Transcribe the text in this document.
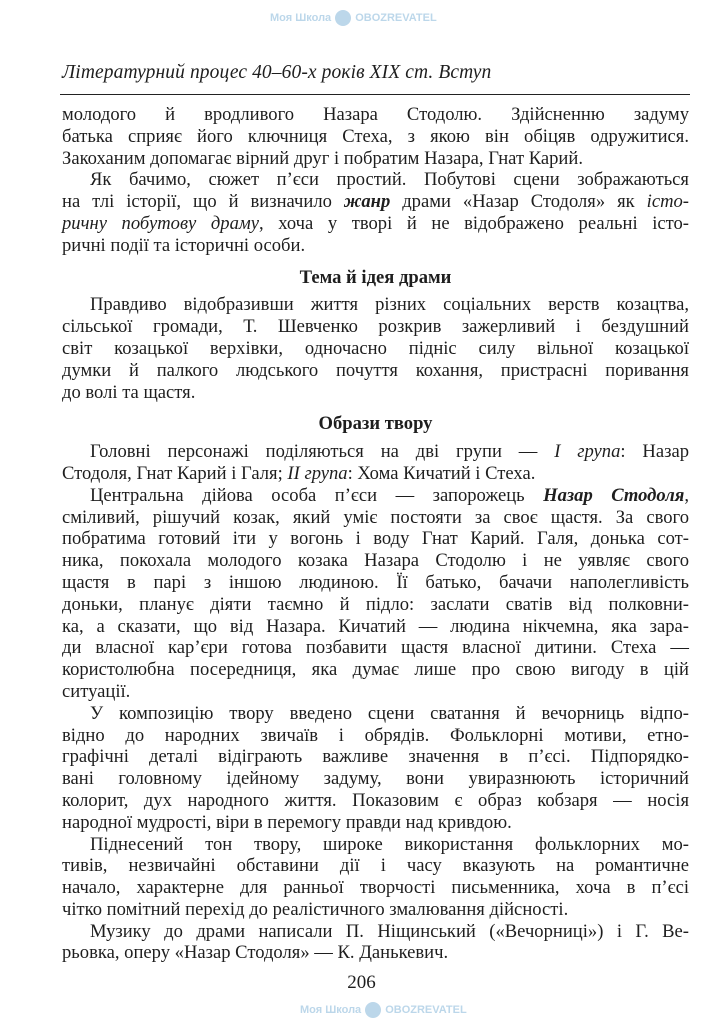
Моя Школа OBOZREVATEL
Моя Школа OBOZREVATEL
Літературний процес 40–60-х років XIX ст. Вступ
молодого й вродливого Назара Стодолю. Здійсненню задуму
батька сприяє його ключниця Стеха, з якою він обіцяв одружитися.
Закоханим допомагає вірний друг і побратим Назара, Гнат Карий.
Як бачимо, сюжет п’єси простий. Побутові сцени зображаються
на тлі історії, що й визначило жанр драми «Назар Стодоля» як істо-
ричну побутову драму, хоча у творі й не відображено реальні істо-
ричні події та історичні особи.
Тема й ідея драми
Правдиво відобразивши життя різних соціальних верств козацтва,
сільської громади, Т. Шевченко розкрив зажерливий і бездушний
світ козацької верхівки, одночасно підніс силу вільної козацької
думки й палкого людського почуття кохання, пристрасні поривання
до волі та щастя.
Образи твору
Головні персонажі поділяються на дві групи — I група: Назар
Стодоля, Гнат Карий і Галя; II група: Хома Кичатий і Стеха.
Центральна дійова особа п’єси — запорожець Назар Стодоля,
сміливий, рішучий козак, який уміє постояти за своє щастя. За свого
побратима готовий іти у вогонь і воду Гнат Карий. Галя, донька сот-
ника, покохала молодого козака Назара Стодолю і не уявляє свого
щастя в парі з іншою людиною. Її батько, бачачи наполегливість
доньки, планує діяти таємно й підло: заслати сватів від полковни-
ка, а сказати, що від Назара. Кичатий — людина нікчемна, яка зара-
ди власної кар’єри готова позбавити щастя власної дитини. Стеха —
користолюбна посередниця, яка думає лише про свою вигоду в цій
ситуації.
У композицію твору введено сцени сватання й вечорниць відпо-
відно до народних звичаїв і обрядів. Фольклорні мотиви, етно-
графічні деталі відіграють важливе значення в п’єсі. Підпорядко-
вані головному ідейному задуму, вони увиразнюють історичний
колорит, дух народного життя. Показовим є образ кобзаря — носія
народної мудрості, віри в перемогу правди над кривдою.
Піднесений тон твору, широке використання фольклорних мо-
тивів, незвичайні обставини дії і часу вказують на романтичне
начало, характерне для ранньої творчості письменника, хоча в п’єсі
чітко помітний перехід до реалістичного змалювання дійсності.
Музику до драми написали П. Ніщинський («Вечорниці») і Г. Ве-
рьовка, оперу «Назар Стодоля» — К. Данькевич.
206
